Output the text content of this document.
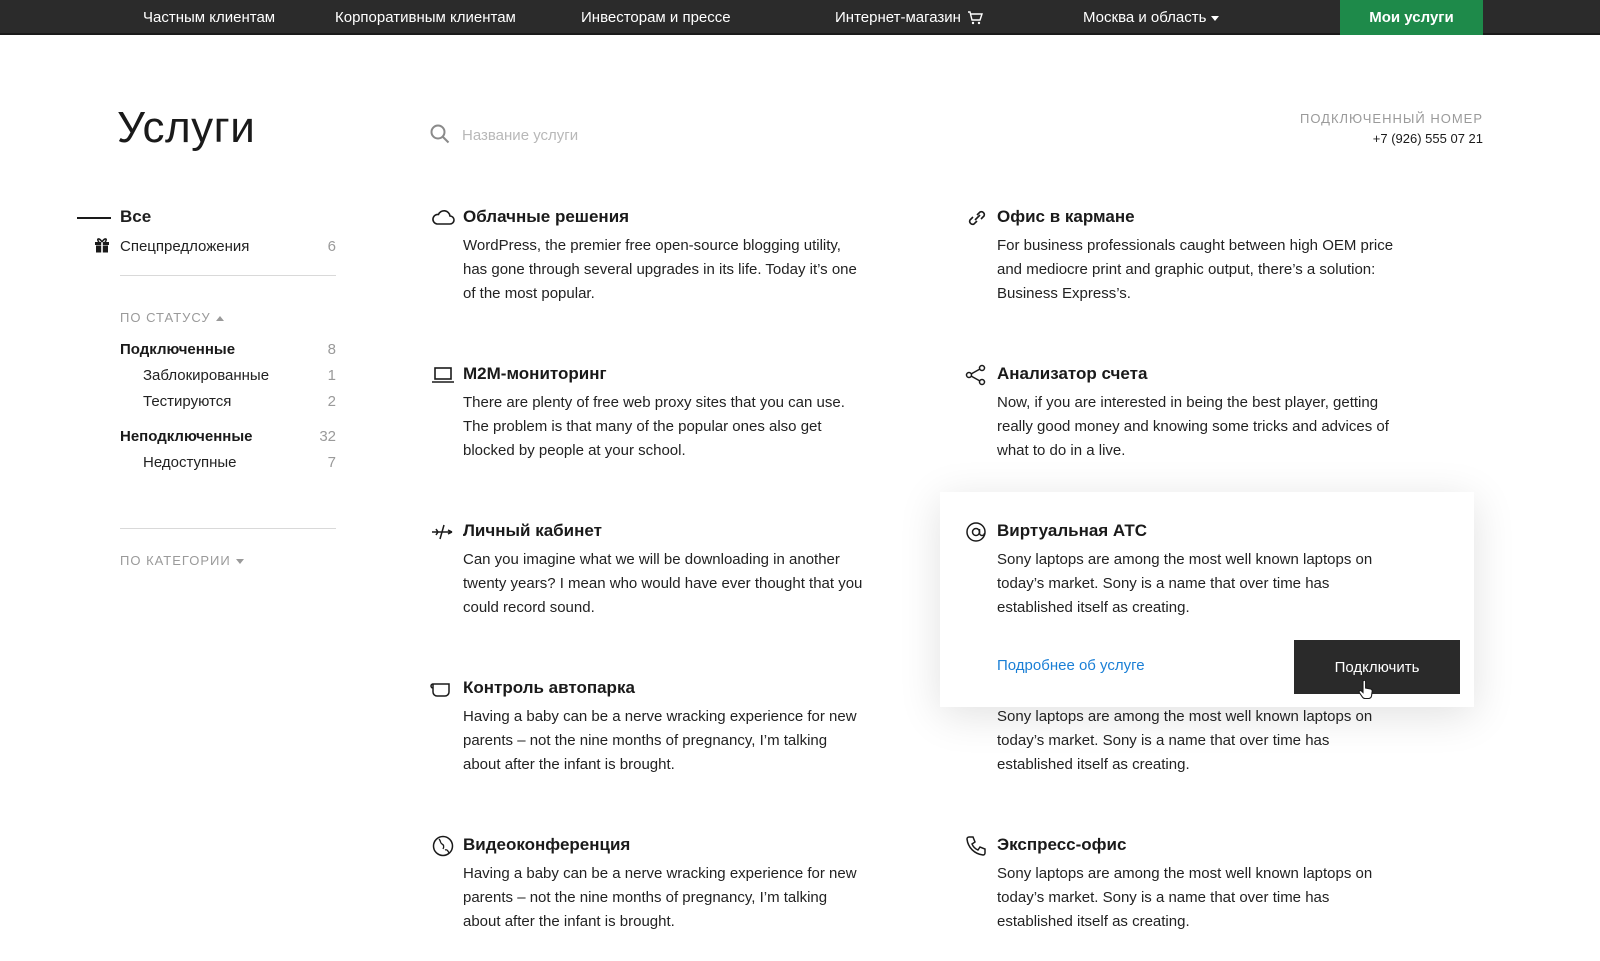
Частным клиентам	Корпоративным клиентам	Инвесторам и прессе	Интернет-магазин	Москва и область	Мои услуги
Услуги
Название услуги	ПОДКЛЮЧЕННЫЙ НОМЕР
+7 (926) 555 07 21
Все
Спецпредложения	6
ПО СТАТУСУ
Подключенные	8
Заблокированные	1
Тестируются	2
Неподключенные	32
Недоступные	7
ПО КАТЕГОРИИ
Облачные решения
WordPress, the premier free open-source blogging utility, has gone through several upgrades in its life. Today it’s one of the most popular.
Офис в кармане
For business professionals caught between high OEM price and mediocre print and graphic output, there’s a solution: Business Express’s.
М2М-мониторинг
There are plenty of free web proxy sites that you can use. The problem is that many of the popular ones also get blocked by people at your school.
Анализатор счета
Now, if you are interested in being the best player, getting really good money and knowing some tricks and advices of what to do in a live.
Личный кабинет
Can you imagine what we will be downloading in another twenty years? I mean who would have ever thought that you could record sound.
Виртуальная АТС
Sony laptops are among the most well known laptops on today’s market. Sony is a name that over time has established itself as creating.
Контроль автопарка
Having a baby can be a nerve wracking experience for new parents – not the nine months of pregnancy, I’m talking about after the infant is brought.
Sony laptops are among the most well known laptops on today’s market. Sony is a name that over time has established itself as creating.
Видеоконференция
Having a baby can be a nerve wracking experience for new parents – not the nine months of pregnancy, I’m talking about after the infant is brought.
Экспресс-офис
Sony laptops are among the most well known laptops on today’s market. Sony is a name that over time has established itself as creating.
Подробнее об услуге	Подключить
